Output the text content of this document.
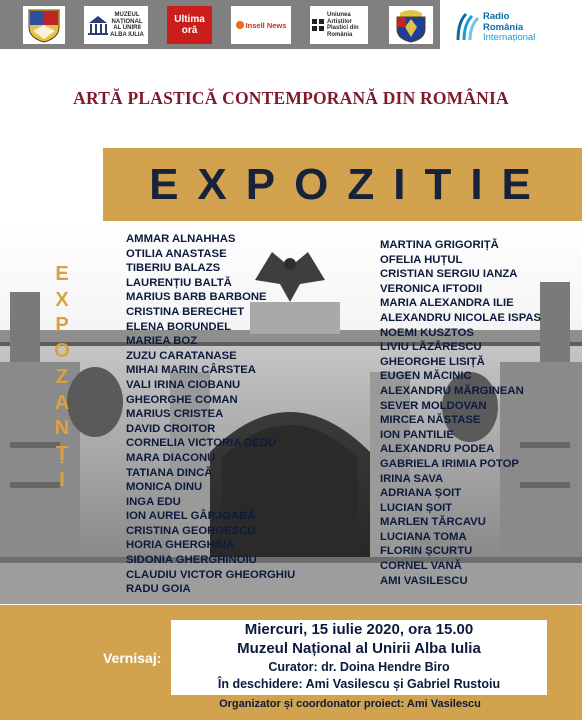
MUZEUL NAȚIONAL AL UNIRII ALBA IULIA
Ultima oră	Insell News
Uniunea Artiștilor Plastici din România
Radio
România
Internațional
ARTĂ PLASTICĂ CONTEMPORANĂ DIN ROMÂNIA
EXPOZITIE
E
X
P
O
Z
A
N
Ț
I
AMMAR ALNAHHAS
OTILIA ANASTASE
TIBERIU BALAZS
LAURENȚIU BALTĂ
MARIUS BARB BARBONE
CRISTINA BERECHET
ELENA BORUNDEL
MARIEA BOZ
ZUZU CARATANASE
MIHAI MARIN CÂRSTEA
VALI IRINA CIOBANU
GHEORGHE COMAN
MARIUS CRISTEA
DAVID CROITOR
CORNELIA VICTORIA DEDU
MARA DIACONU
TATIANA DINCĂ
MONICA DINU
INGA EDU
ION AUREL GÂRJOABĂ
CRISTINA GEORGESCU
HORIA GHERGHINA
SIDONIA GHERGHINOIU
CLAUDIU VICTOR GHEORGHIU
RADU GOIA
MARTINA GRIGORIȚĂ
OFELIA HUȚUL
CRISTIAN SERGIU IANZA
VERONICA IFTODII
MARIA ALEXANDRA ILIE
ALEXANDRU NICOLAE ISPAS
NOEMI KUSZTOS
LIVIU LĂZĂRESCU
GHEORGHE LISIȚĂ
EUGEN MĂCINIC
ALEXANDRU MĂRGINEAN
SEVER MOLDOVAN
MIRCEA NĂSTASE
ION PANTILIE
ALEXANDRU PODEA
GABRIELA IRIMIA POTOP
IRINA SAVA
ADRIANA ȘOIT
LUCIAN ȘOIT
MARLEN TĂRCAVU
LUCIANA TOMA
FLORIN ȘCURTU
CORNEL VANĂ
AMI VASILESCU
Vernisaj:
Miercuri, 15 iulie 2020, ora 15.00
Muzeul Național al Unirii Alba Iulia
Curator: dr. Doina Hendre Biro
În deschidere: Ami Vasilescu și Gabriel Rustoiu
Organizator și coordonator proiect: Ami Vasilescu
